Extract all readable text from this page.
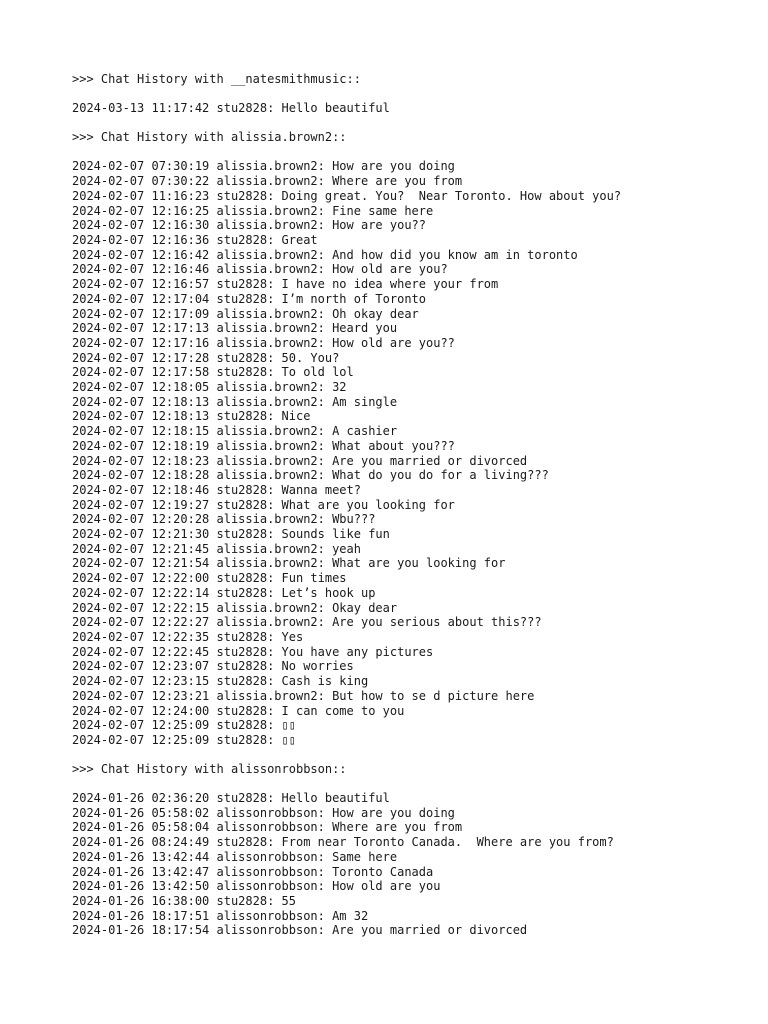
>>> Chat History with __natesmithmusic::
2024-03-13 11:17:42 stu2828: Hello beautiful
>>> Chat History with alissia.brown2::
2024-02-07 07:30:19 alissia.brown2: How are you doing
2024-02-07 07:30:22 alissia.brown2: Where are you from
2024-02-07 11:16:23 stu2828: Doing great. You?  Near Toronto. How about you?
2024-02-07 12:16:25 alissia.brown2: Fine same here
2024-02-07 12:16:30 alissia.brown2: How are you??
2024-02-07 12:16:36 stu2828: Great
2024-02-07 12:16:42 alissia.brown2: And how did you know am in toronto
2024-02-07 12:16:46 alissia.brown2: How old are you?
2024-02-07 12:16:57 stu2828: I have no idea where your from
2024-02-07 12:17:04 stu2828: I’m north of Toronto
2024-02-07 12:17:09 alissia.brown2: Oh okay dear
2024-02-07 12:17:13 alissia.brown2: Heard you
2024-02-07 12:17:16 alissia.brown2: How old are you??
2024-02-07 12:17:28 stu2828: 50. You?
2024-02-07 12:17:58 stu2828: To old lol
2024-02-07 12:18:05 alissia.brown2: 32
2024-02-07 12:18:13 alissia.brown2: Am single
2024-02-07 12:18:13 stu2828: Nice
2024-02-07 12:18:15 alissia.brown2: A cashier
2024-02-07 12:18:19 alissia.brown2: What about you???
2024-02-07 12:18:23 alissia.brown2: Are you married or divorced
2024-02-07 12:18:28 alissia.brown2: What do you do for a living???
2024-02-07 12:18:46 stu2828: Wanna meet?
2024-02-07 12:19:27 stu2828: What are you looking for
2024-02-07 12:20:28 alissia.brown2: Wbu???
2024-02-07 12:21:30 stu2828: Sounds like fun
2024-02-07 12:21:45 alissia.brown2: yeah
2024-02-07 12:21:54 alissia.brown2: What are you looking for
2024-02-07 12:22:00 stu2828: Fun times
2024-02-07 12:22:14 stu2828: Let’s hook up
2024-02-07 12:22:15 alissia.brown2: Okay dear
2024-02-07 12:22:27 alissia.brown2: Are you serious about this???
2024-02-07 12:22:35 stu2828: Yes
2024-02-07 12:22:45 stu2828: You have any pictures
2024-02-07 12:23:07 stu2828: No worries
2024-02-07 12:23:15 stu2828: Cash is king
2024-02-07 12:23:21 alissia.brown2: But how to se d picture here
2024-02-07 12:24:00 stu2828: I can come to you
2024-02-07 12:25:09 stu2828: ▯▯
2024-02-07 12:25:09 stu2828: ▯▯
>>> Chat History with alissonrobbson::
2024-01-26 02:36:20 stu2828: Hello beautiful
2024-01-26 05:58:02 alissonrobbson: How are you doing
2024-01-26 05:58:04 alissonrobbson: Where are you from
2024-01-26 08:24:49 stu2828: From near Toronto Canada.  Where are you from?
2024-01-26 13:42:44 alissonrobbson: Same here
2024-01-26 13:42:47 alissonrobbson: Toronto Canada
2024-01-26 13:42:50 alissonrobbson: How old are you
2024-01-26 16:38:00 stu2828: 55
2024-01-26 18:17:51 alissonrobbson: Am 32
2024-01-26 18:17:54 alissonrobbson: Are you married or divorced
